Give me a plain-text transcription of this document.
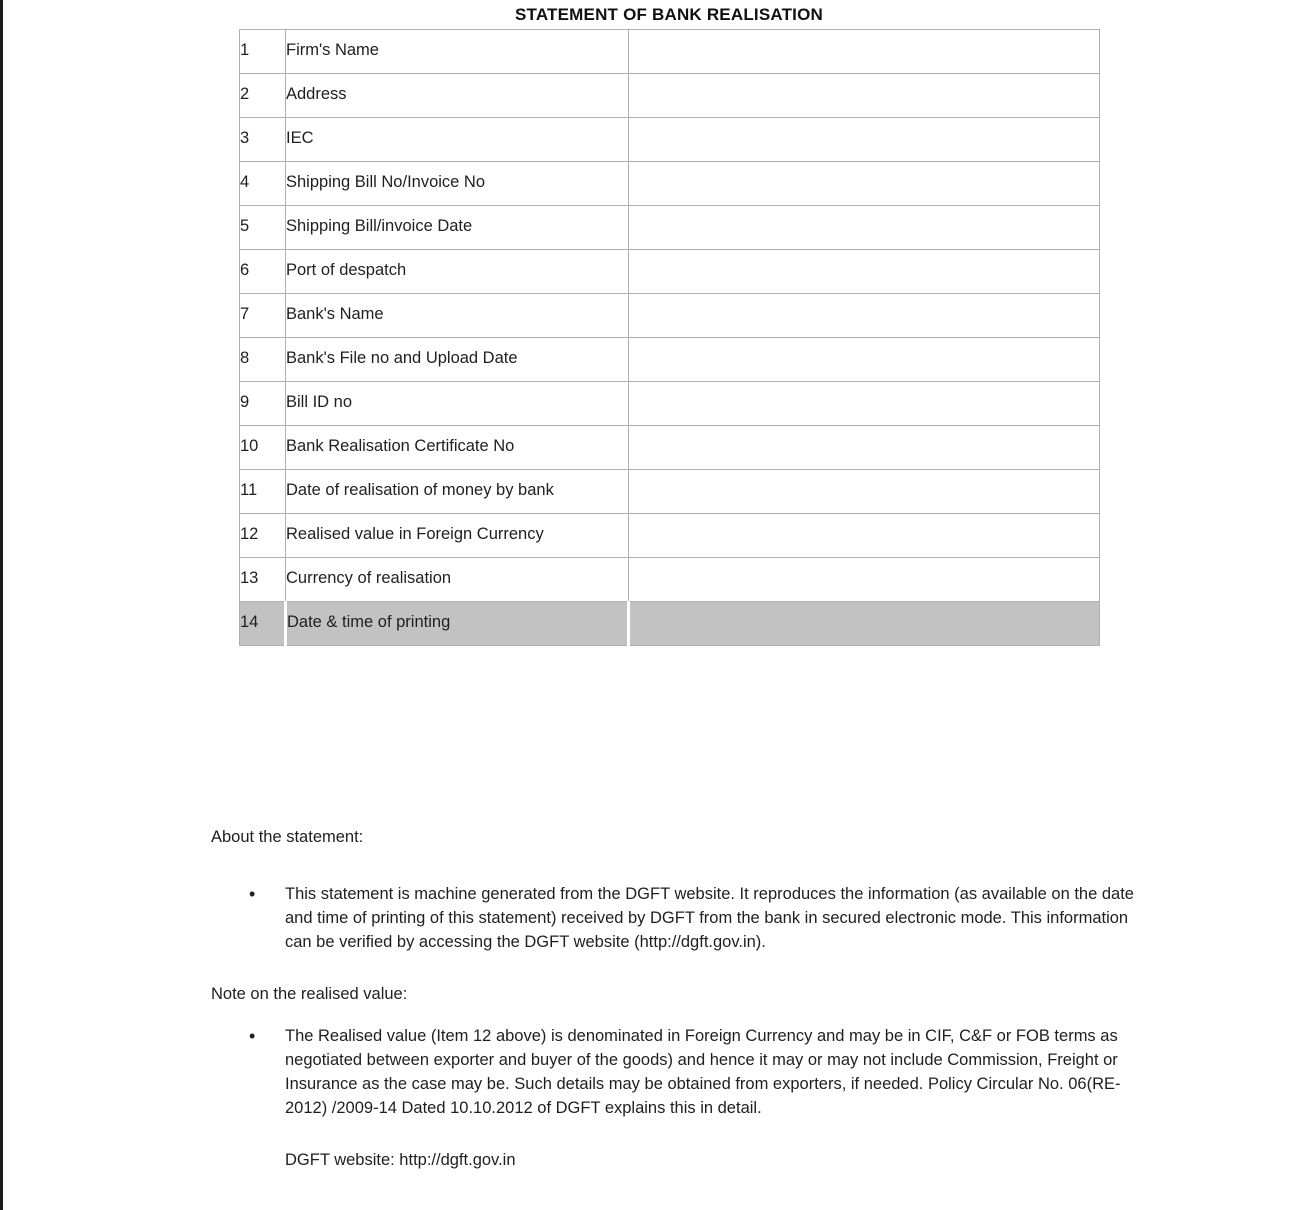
STATEMENT OF BANK REALISATION
1	Firm's Name	
2	Address	
3	IEC	
4	Shipping Bill No/Invoice No	
5	Shipping Bill/invoice Date	
6	Port of despatch	
7	Bank's Name	
8	Bank's File no and Upload Date	
9	Bill ID no	
10	Bank Realisation Certificate No	
11	Date of realisation of money by bank	
12	Realised value in Foreign Currency	
13	Currency of realisation	
14	Date & time of printing	
About the statement:
•	This statement is machine generated from the DGFT website. It reproduces the information (as available on the date and time of printing of this statement) received by DGFT from the bank in secured electronic mode. This information can be verified by accessing the DGFT website (http://dgft.gov.in).
Note on the realised value:
•	The Realised value (Item 12 above) is denominated in Foreign Currency and may be in CIF, C&F or FOB terms as negotiated between exporter and buyer of the goods) and hence it may or may not include Commission, Freight or Insurance as the case may be. Such details may be obtained from exporters, if needed. Policy Circular No. 06(RE- 2012) /2009-14 Dated 10.10.2012 of DGFT explains this in detail.
DGFT website: http://dgft.gov.in
